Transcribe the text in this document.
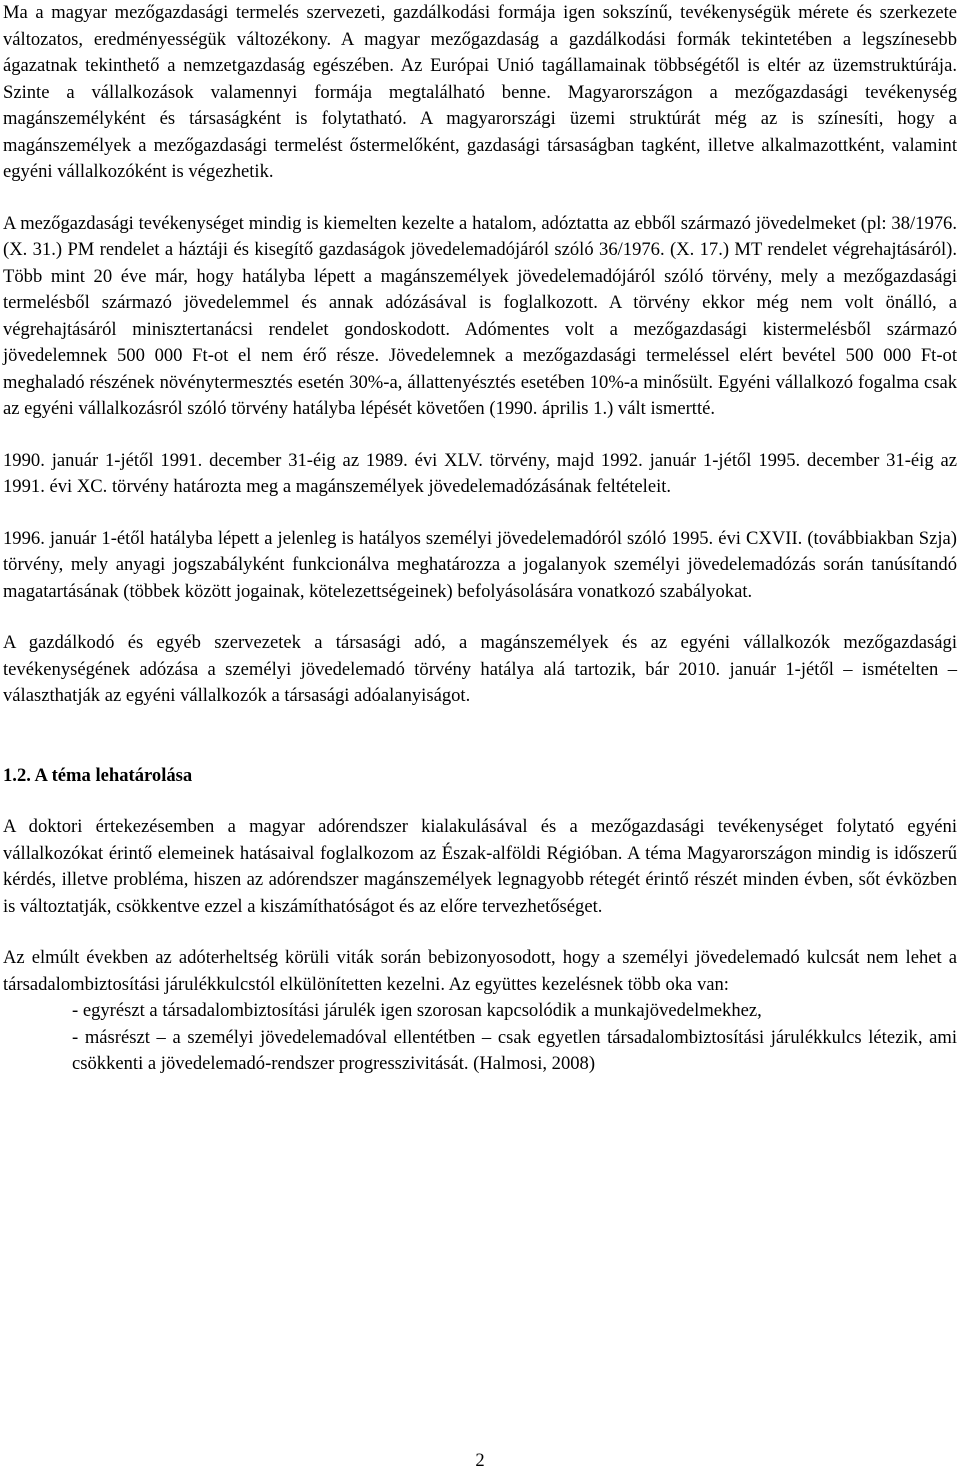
Ma a magyar mezőgazdasági termelés szervezeti, gazdálkodási formája igen sokszínű, tevékenységük mérete és szerkezete változatos, eredményességük változékony. A magyar mezőgazdaság a gazdálkodási formák tekintetében a legszínesebb ágazatnak tekinthető a nemzetgazdaság egészében. Az Európai Unió tagállamainak többségétől is eltér az üzemstruktúrája. Szinte a vállalkozások valamennyi formája megtalálható benne. Magyarországon a mezőgazdasági tevékenység magánszemélyként és társaságként is folytatható. A magyarországi üzemi struktúrát még az is színesíti, hogy a magánszemélyek a mezőgazdasági termelést őstermelőként, gazdasági társaságban tagként, illetve alkalmazottként, valamint egyéni vállalkozóként is végezhetik.

A mezőgazdasági tevékenységet mindig is kiemelten kezelte a hatalom, adóztatta az ebből származó jövedelmeket (pl: 38/1976. (X. 31.) PM rendelet a háztáji és kisegítő gazdaságok jövedelemadójáról szóló 36/1976. (X. 17.) MT rendelet végrehajtásáról). Több mint 20 éve már, hogy hatályba lépett a magánszemélyek jövedelemadójáról szóló törvény, mely a mezőgazdasági termelésből származó jövedelemmel és annak adózásával is foglalkozott. A törvény ekkor még nem volt önálló, a végrehajtásáról minisztertanácsi rendelet gondoskodott. Adómentes volt a mezőgazdasági kistermelésből származó jövedelemnek 500 000 Ft-ot el nem érő része. Jövedelemnek a mezőgazdasági termeléssel elért bevétel 500 000 Ft-ot meghaladó részének növénytermesztés esetén 30%-a, állattenyésztés esetében 10%-a minősült. Egyéni vállalkozó fogalma csak az egyéni vállalkozásról szóló törvény hatályba lépését követően (1990. április 1.) vált ismertté.

1990. január 1-jétől 1991. december 31-éig az 1989. évi XLV. törvény, majd 1992. január 1-jétől 1995. december 31-éig az 1991. évi XC. törvény határozta meg a magánszemélyek jövedelemadózásának feltételeit.

1996. január 1-étől hatályba lépett a jelenleg is hatályos személyi jövedelemadóról szóló 1995. évi CXVII. (továbbiakban Szja) törvény, mely anyagi jogszabályként funkcionálva meghatározza a jogalanyok személyi jövedelemadózás során tanúsítandó magatartásának (többek között jogainak, kötelezettségeinek) befolyásolására vonatkozó szabályokat.

A gazdálkodó és egyéb szervezetek a társasági adó, a magánszemélyek és az egyéni vállalkozók mezőgazdasági tevékenységének adózása a személyi jövedelemadó törvény hatálya alá tartozik, bár 2010. január 1-jétől – ismételten – választhatják az egyéni vállalkozók a társasági adóalanyiságot.

1.2. A téma lehatárolása

A doktori értekezésemben a magyar adórendszer kialakulásával és a mezőgazdasági tevékenységet folytató egyéni vállalkozókat érintő elemeinek hatásaival foglalkozom az Észak-alföldi Régióban. A téma Magyarországon mindig is időszerű kérdés, illetve probléma, hiszen az adórendszer magánszemélyek legnagyobb rétegét érintő részét minden évben, sőt évközben is változtatják, csökkentve ezzel a kiszámíthatóságot és az előre tervezhetőséget.

Az elmúlt években az adóterheltség körüli viták során bebizonyosodott, hogy a személyi jövedelemadó kulcsát nem lehet a társadalombiztosítási járulékkulcstól elkülönítetten kezelni. Az együttes kezelésnek több oka van:

- egyrészt a társadalombiztosítási járulék igen szorosan kapcsolódik a munkajövedelmekhez,
- másrészt – a személyi jövedelemadóval ellentétben – csak egyetlen társadalombiztosítási járulékkulcs létezik, ami csökkenti a jövedelemadó-rendszer progresszivitását. (Halmosi, 2008)
2
